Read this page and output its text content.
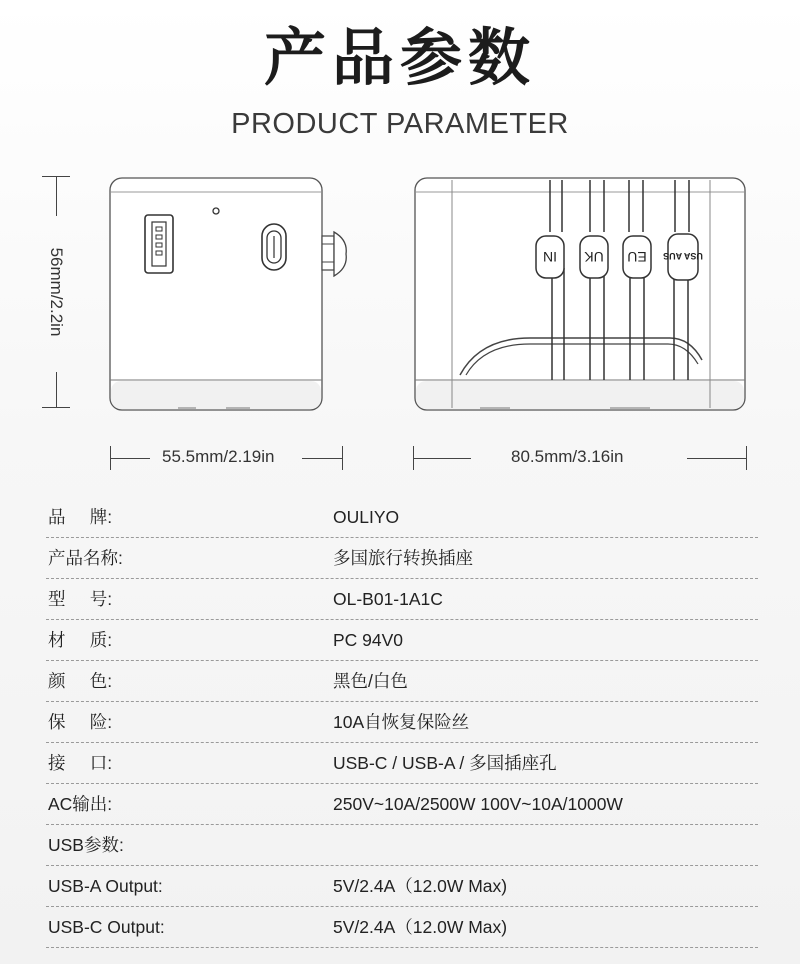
产品参数
PRODUCT PARAMETER
56mm/2.2in	IN UK EU USA AUS
55.5mm/2.19in	80.5mm/3.16in
品     牌:	OULIYO
产品名称:	多国旅行转换插座
型     号:	OL-B01-1A1C
材     质:	PC 94V0
颜     色:	黑色/白色
保     险:	10A自恢复保险丝
接     口:	USB-C / USB-A / 多国插座孔
AC输出:	250V~10A/2500W 100V~10A/1000W
USB参数:
USB-A Output:	5V/2.4A（12.0W Max)
USB-C Output:	5V/2.4A（12.0W Max)
